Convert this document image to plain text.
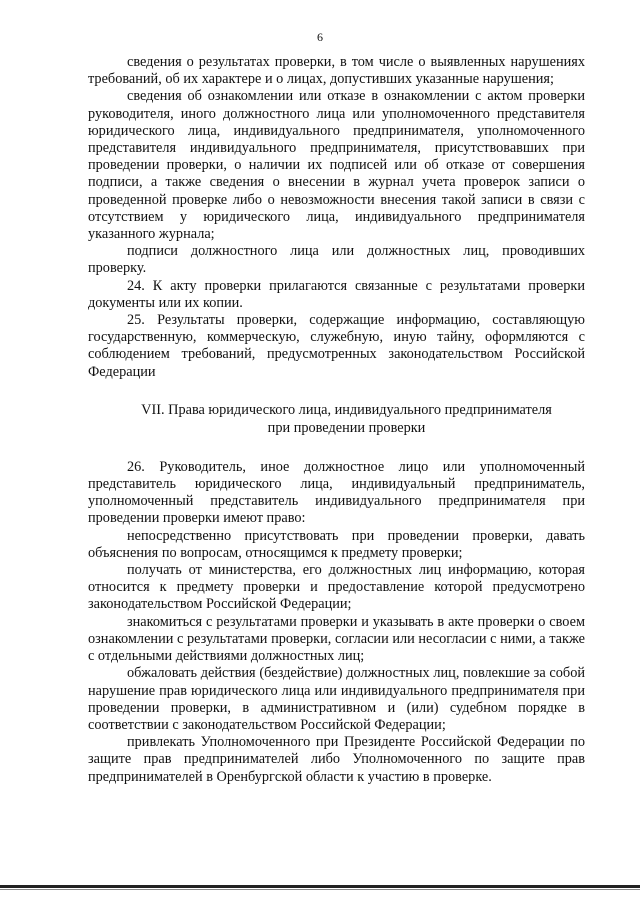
6

сведения о результатах проверки, в том числе о выявленных нарушениях требований, об их характере и о лицах, допустивших указанные нарушения;

сведения об ознакомлении или отказе в ознакомлении с актом проверки руководителя, иного должностного лица или уполномоченного представителя юридического лица, индивидуального предпринимателя, уполномоченного представителя индивидуального предпринимателя, присутствовавших при проведении проверки, о наличии их подписей или об отказе от совершения подписи, а также сведения о внесении в журнал учета проверок записи о проведенной проверке либо о невозможности внесения такой записи в связи с отсутствием у юридического лица, индивидуального предпринимателя указанного журнала;

подписи должностного лица или должностных лиц, проводивших проверку.

24. К акту проверки прилагаются связанные с результатами проверки документы или их копии.

25. Результаты проверки, содержащие информацию, составляющую государственную, коммерческую, служебную, иную тайну, оформляются с соблюдением требований, предусмотренных законодательством Российской Федерации

VII. Права юридического лица, индивидуального предпринимателя
при проведении проверки

26. Руководитель, иное должностное лицо или уполномоченный представитель юридического лица, индивидуальный предприниматель, уполномоченный представитель индивидуального предпринимателя при проведении проверки имеют право:

непосредственно присутствовать при проведении проверки, давать объяснения по вопросам, относящимся к предмету проверки;

получать от министерства, его должностных лиц информацию, которая относится к предмету проверки и предоставление которой предусмотрено законодательством Российской Федерации;

знакомиться с результатами проверки и указывать в акте проверки о своем ознакомлении с результатами проверки, согласии или несогласии с ними, а также с отдельными действиями должностных лиц;

обжаловать действия (бездействие) должностных лиц, повлекшие за собой нарушение прав юридического лица или индивидуального предпринимателя при проведении проверки, в административном и (или) судебном порядке в соответствии с законодательством Российской Федерации;

привлекать Уполномоченного при Президенте Российской Федерации по защите прав предпринимателей либо Уполномоченного по защите прав предпринимателей в Оренбургской области к участию в проверке.
